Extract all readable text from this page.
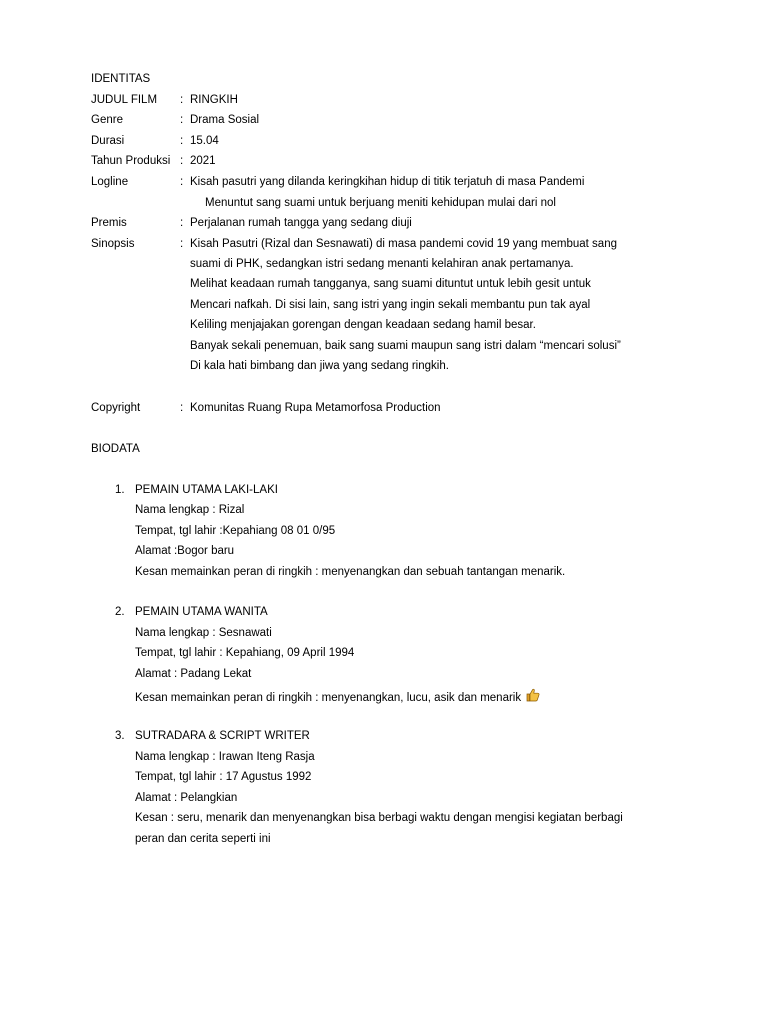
IDENTITAS
JUDUL FILM : RINGKIH
Genre	: Drama Sosial
Durasi	: 15.04
Tahun Produksi : 2021
Logline	: Kisah pasutri yang dilanda keringkihan hidup di titik terjatuh di masa Pandemi
Menuntut sang suami untuk berjuang meniti kehidupan mulai dari nol
Premis	: Perjalanan rumah tangga yang sedang diuji
Sinopsis	: Kisah Pasutri (Rizal dan Sesnawati) di masa pandemi covid 19 yang membuat sang
suami di PHK, sedangkan istri sedang menanti kelahiran anak pertamanya.
Melihat keadaan rumah tangganya, sang suami dituntut untuk lebih gesit untuk
Mencari nafkah. Di sisi lain, sang istri yang ingin sekali membantu pun tak ayal
Keliling menjajakan gorengan dengan keadaan sedang hamil besar.
Banyak sekali penemuan, baik sang suami maupun sang istri dalam “mencari solusi”
Di kala hati bimbang dan jiwa yang sedang ringkih.
Copyright	: Komunitas Ruang Rupa Metamorfosa Production
BIODATA
1. PEMAIN UTAMA LAKI-LAKI
Nama lengkap : Rizal
Tempat, tgl lahir :Kepahiang 08 01 0/95
Alamat :Bogor baru
Kesan memainkan peran di ringkih : menyenangkan dan sebuah tantangan menarik.
2. PEMAIN UTAMA WANITA
Nama lengkap : Sesnawati
Tempat, tgl lahir : Kepahiang, 09 April 1994
Alamat : Padang Lekat
Kesan memainkan peran di ringkih : menyenangkan, lucu, asik dan menarik
3. SUTRADARA & SCRIPT WRITER
Nama lengkap : Irawan Iteng Rasja
Tempat, tgl lahir : 17 Agustus 1992
Alamat : Pelangkian
Kesan : seru, menarik dan menyenangkan bisa berbagi waktu dengan mengisi kegiatan berbagi
peran dan cerita seperti ini
